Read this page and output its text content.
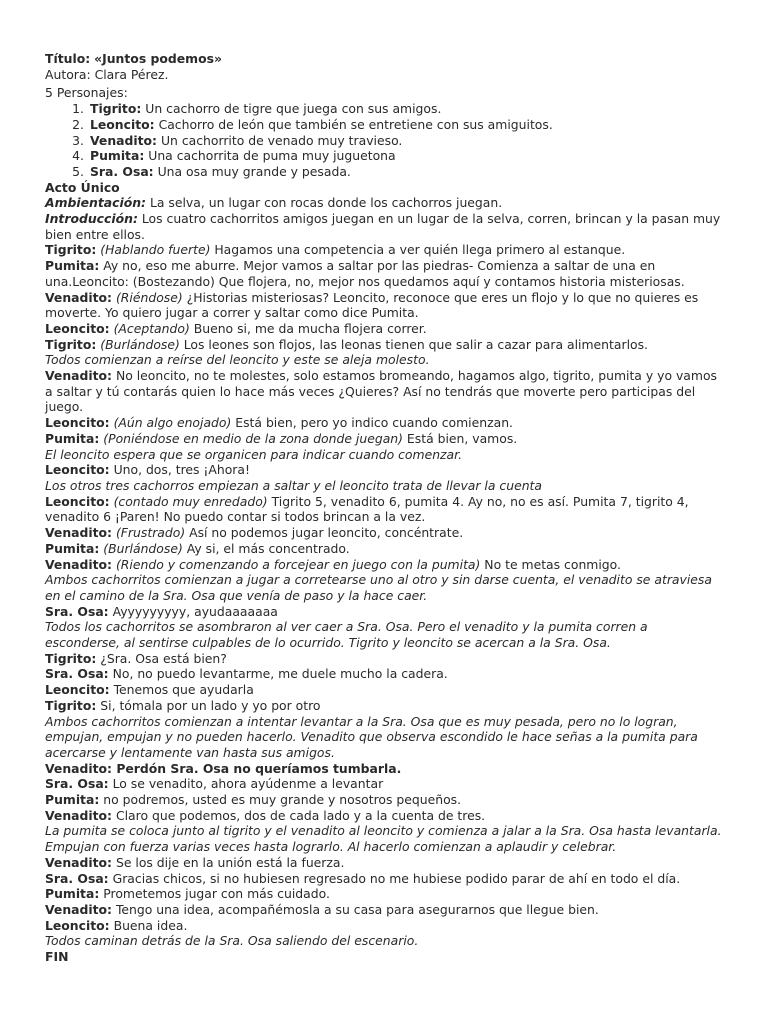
Título: «Juntos podemos»

Autora: Clara Pérez.

5 Personajes:

1. Tigrito: Un cachorro de tigre que juega con sus amigos.
2. Leoncito: Cachorro de león que también se entretiene con sus amiguitos.
3. Venadito: Un cachorrito de venado muy travieso.
4. Pumita: Una cachorrita de puma muy juguetona
5. Sra. Osa: Una osa muy grande y pesada.

Acto Único

Ambientación: La selva, un lugar con rocas donde los cachorros juegan.

Introducción: Los cuatro cachorritos amigos juegan en un lugar de la selva, corren, brincan y la pasan muy bien entre ellos.

Tigrito: (Hablando fuerte) Hagamos una competencia a ver quién llega primero al estanque.

Pumita: Ay no, eso me aburre. Mejor vamos a saltar por las piedras- Comienza a saltar de una en una.Leoncito: (Bostezando) Que flojera, no, mejor nos quedamos aquí y contamos historia misteriosas.

Venadito: (Riéndose) ¿Historias misteriosas? Leoncito, reconoce que eres un flojo y lo que no quieres es moverte. Yo quiero jugar a correr y saltar como dice Pumita.

Leoncito: (Aceptando) Bueno si, me da mucha flojera correr.

Tigrito: (Burlándose) Los leones son flojos, las leonas tienen que salir a cazar para alimentarlos.

Todos comienzan a reírse del leoncito y este se aleja molesto.

Venadito: No leoncito, no te molestes, solo estamos bromeando, hagamos algo, tigrito, pumita y yo vamos a saltar y tú contarás quien lo hace más veces ¿Quieres? Así no tendrás que moverte pero participas del juego.

Leoncito: (Aún algo enojado) Está bien, pero yo indico cuando comienzan.

Pumita: (Poniéndose en medio de la zona donde juegan) Está bien, vamos.

El leoncito espera que se organicen para indicar cuando comenzar.

Leoncito: Uno, dos, tres ¡Ahora!

Los otros tres cachorros empiezan a saltar y el leoncito trata de llevar la cuenta

Leoncito: (contado muy enredado) Tigrito 5, venadito 6, pumita 4. Ay no, no es así. Pumita 7, tigrito 4, venadito 6 ¡Paren! No puedo contar si todos brincan a la vez.

Venadito: (Frustrado) Así no podemos jugar leoncito, concéntrate.

Pumita: (Burlándose) Ay si, el más concentrado.

Venadito: (Riendo y comenzando a forcejear en juego con la pumita) No te metas conmigo.

Ambos cachorritos comienzan a jugar a corretearse uno al otro y sin darse cuenta, el venadito se atraviesa en el camino de la Sra. Osa que venía de paso y la hace caer.

Sra. Osa: Ayyyyyyyyy, ayudaaaaaaa

Todos los cachorritos se asombraron al ver caer a Sra. Osa. Pero el venadito y la pumita corren a esconderse, al sentirse culpables de lo ocurrido. Tigrito y leoncito se acercan a la Sra. Osa.

Tigrito: ¿Sra. Osa está bien?

Sra. Osa: No, no puedo levantarme, me duele mucho la cadera.

Leoncito: Tenemos que ayudarla

Tigrito: Si, tómala por un lado y yo por otro

Ambos cachorritos comienzan a intentar levantar a la Sra. Osa que es muy pesada, pero no lo logran, empujan, empujan y no pueden hacerlo. Venadito que observa escondido le hace señas a la pumita para acercarse y lentamente van hasta sus amigos.

Venadito: Perdón Sra. Osa no queríamos tumbarla.

Sra. Osa: Lo se venadito, ahora ayúdenme a levantar

Pumita: no podremos, usted es muy grande y nosotros pequeños.

Venadito: Claro que podemos, dos de cada lado y a la cuenta de tres.

La pumita se coloca junto al tigrito y el venadito al leoncito y comienza a jalar a la Sra. Osa hasta levantarla. Empujan con fuerza varias veces hasta lograrlo. Al hacerlo comienzan a aplaudir y celebrar.

Venadito: Se los dije en la unión está la fuerza.

Sra. Osa: Gracias chicos, si no hubiesen regresado no me hubiese podido parar de ahí en todo el día.

Pumita: Prometemos jugar con más cuidado.

Venadito: Tengo una idea, acompañémosla a su casa para asegurarnos que llegue bien.

Leoncito: Buena idea.

Todos caminan detrás de la Sra. Osa saliendo del escenario.

FIN
